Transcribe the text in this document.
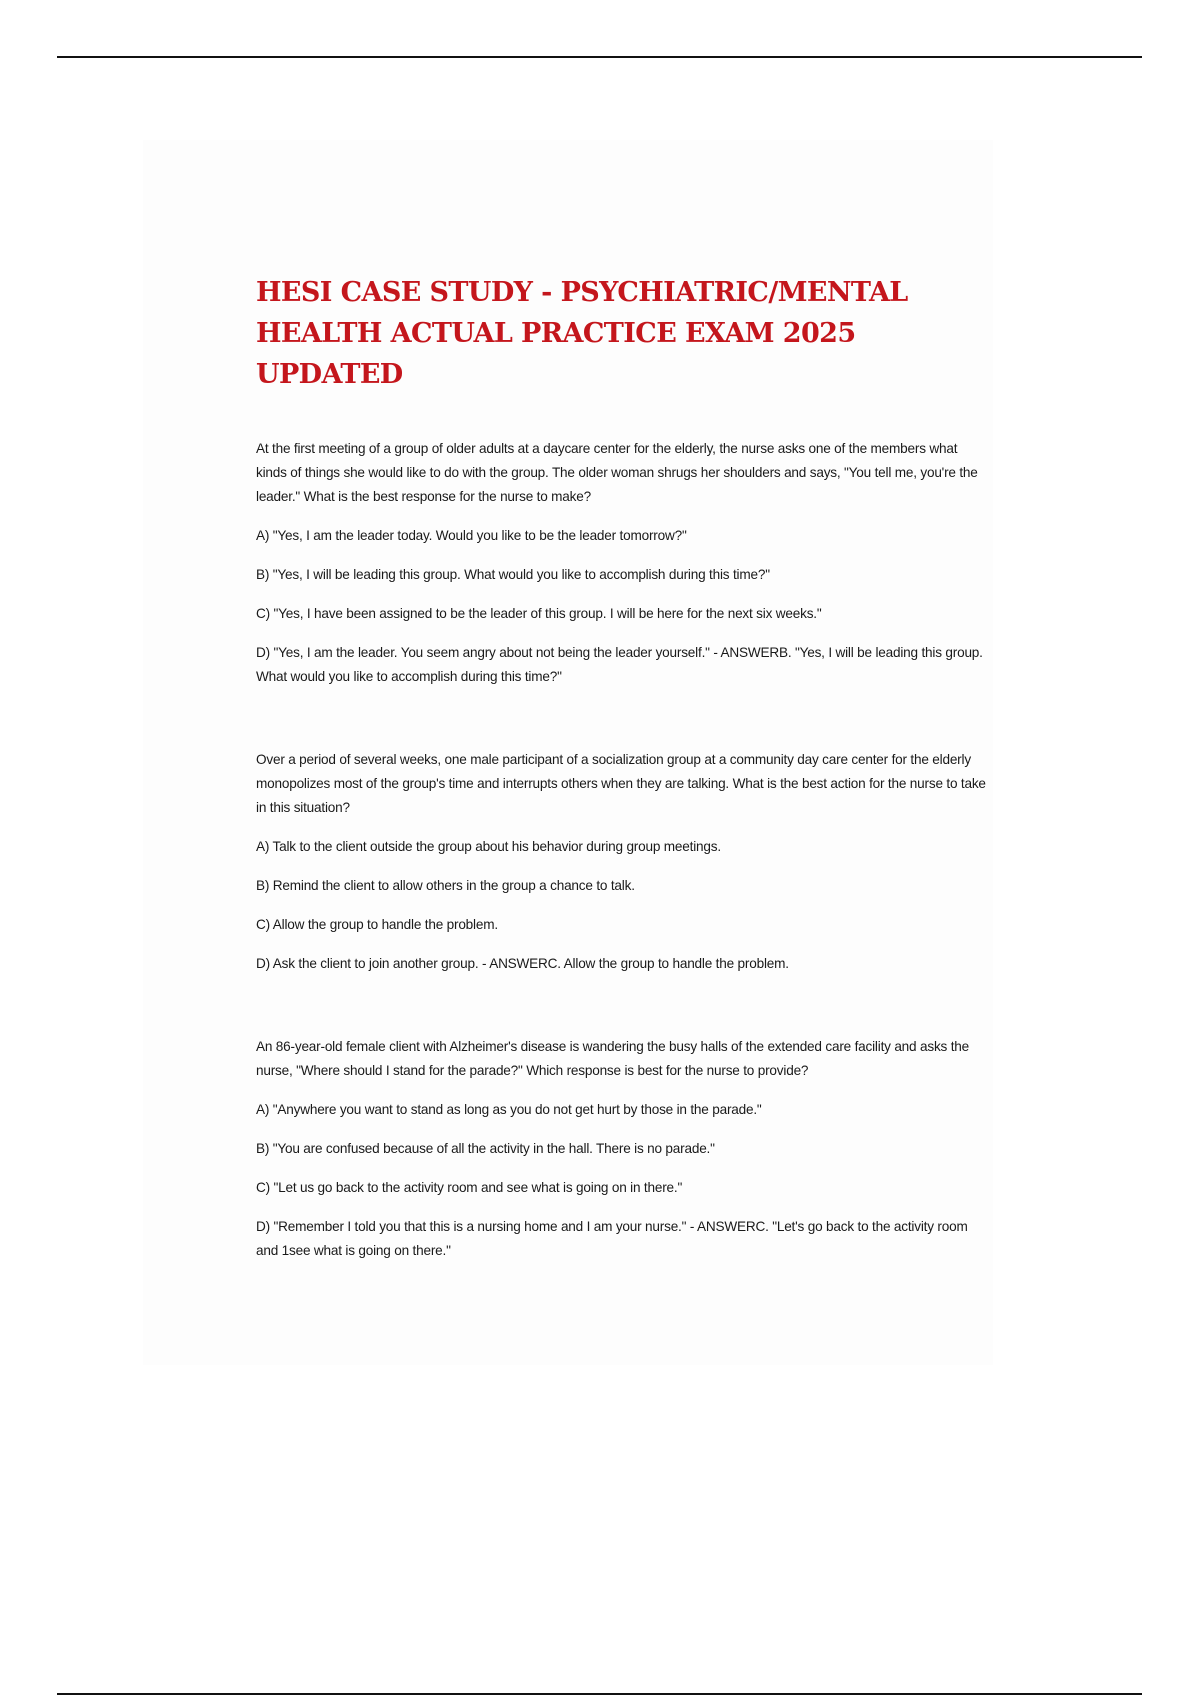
HESI CASE STUDY - PSYCHIATRIC/MENTAL
HEALTH ACTUAL PRACTICE EXAM 2025 UPDATED

At the first meeting of a group of older adults at a daycare center for the elderly, the nurse asks one of the members what kinds of things she would like to do with the group. The older woman shrugs her shoulders and says, "You tell me, you're the leader." What is the best response for the nurse to make?

A) "Yes, I am the leader today. Would you like to be the leader tomorrow?"

B) "Yes, I will be leading this group. What would you like to accomplish during this time?"

C) "Yes, I have been assigned to be the leader of this group. I will be here for the next six weeks."

D) "Yes, I am the leader. You seem angry about not being the leader yourself." - ANSWERB. "Yes, I will be leading this group. What would you like to accomplish during this time?"

Over a period of several weeks, one male participant of a socialization group at a community day care center for the elderly monopolizes most of the group's time and interrupts others when they are talking. What is the best action for the nurse to take in this situation?

A) Talk to the client outside the group about his behavior during group meetings.

B) Remind the client to allow others in the group a chance to talk.

C) Allow the group to handle the problem.

D) Ask the client to join another group. - ANSWERC. Allow the group to handle the problem.

An 86-year-old female client with Alzheimer's disease is wandering the busy halls of the extended care facility and asks the nurse, "Where should I stand for the parade?" Which response is best for the nurse to provide?

A) "Anywhere you want to stand as long as you do not get hurt by those in the parade."

B) "You are confused because of all the activity in the hall. There is no parade."

C) "Let us go back to the activity room and see what is going on in there."

D) "Remember I told you that this is a nursing home and I am your nurse." - ANSWERC. "Let's go back to the activity room and 1see what is going on there."
